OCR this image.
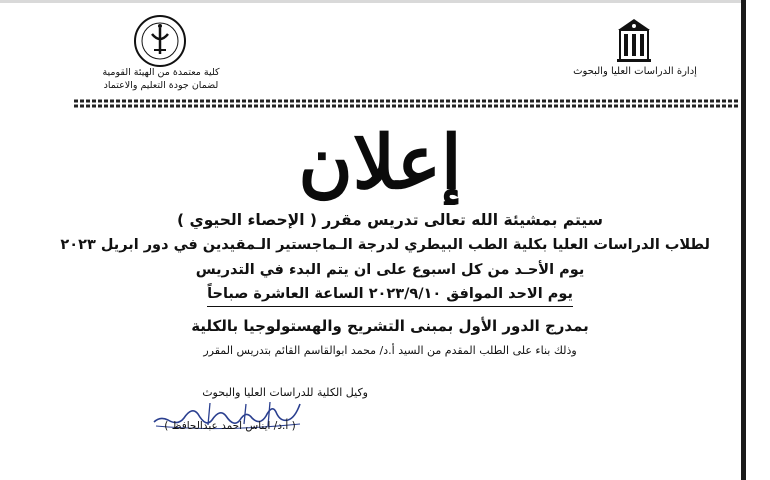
إدارة الدراسات العليا والبحوث
كلية معتمدة من الهيئة القومية
لضمان جودة التعليم والاعتماد
إعلان
سيتم بمشيئة الله تعالى تدريس مقرر ( الإحصاء الحيوي )
لطلاب الدراسات العليا بكلية الطب البيطري لدرجة الـماجستير الـمقيدين في دور ابريل ٢٠٢٣
يوم الأحـد من كل اسبوع على ان يتم البدء في التدريس
يوم الاحد الموافق ٢٠٢٣/٩/١٠ الساعة العاشرة صباحاً
بمدرج الدور الأول بمبنى التشريح والهستولوجيا بالكلية
وذلك بناء على الطلب المقدم من السيد أ.د/ محمد ابوالقاسم القائم بتدريس المقرر
وكيل الكلية للدراسات العليا والبحوث
( أ.د/ ايناس احمد عبدالحافظ )
